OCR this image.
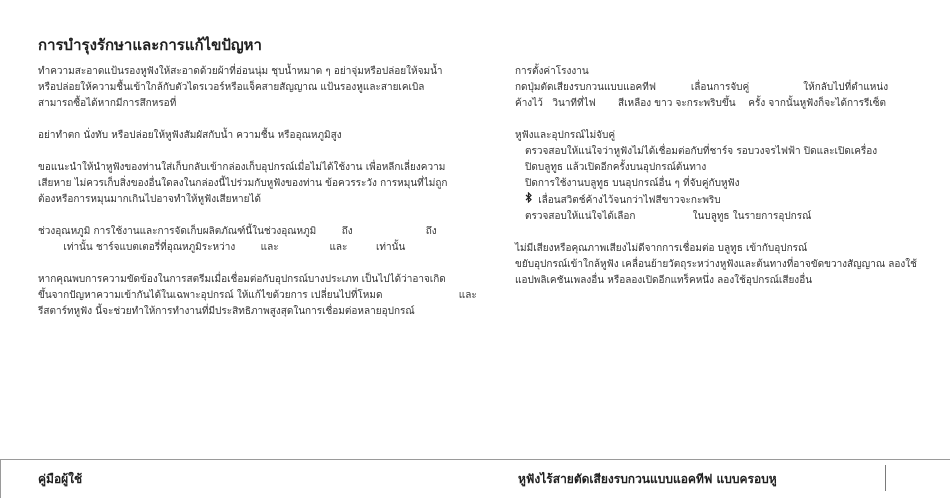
การบำรุงรักษาและการแก้ไขปัญหา

ทำความสะอาดแป้นรองหูฟังให้สะอาดด้วยผ้าที่อ่อนนุ่ม ชุบน้ำหมาด ๆ อย่าจุ่มหรือปล่อยให้จมน้ำ

หรือปล่อยให้ความชื้นเข้าใกล้กับตัวไดรเวอร์หรือแจ็คสายสัญญาณ แป้นรองหูและสายเคเบิล

สามารถซื้อได้หากมีการสึกหรอที่

อย่าทำตก นั่งทับ หรือปล่อยให้หูฟังสัมผัสกับน้ำ ความชื้น หรืออุณหภูมิสูง

ขอแนะนำให้นำหูฟังของท่านใส่เก็บกลับเข้ากล่องเก็บอุปกรณ์เมื่อไม่ได้ใช้งาน เพื่อหลีกเลี่ยงความ

เสียหาย ไม่ควรเก็บสิ่งของอื่นใดลงในกล่องนี้ไปร่วมกับหูฟังของท่าน ข้อควรระวัง การหมุนที่ไม่ถูก

ต้องหรือการหมุนมากเกินไปอาจทำให้หูฟังเสียหายได้

ช่วงอุณหภูมิ การใช้งานและการจัดเก็บผลิตภัณฑ์นี้ในช่วงอุณหภูมิ        ถึง                       ถึง

เท่านั้น ชาร์จแบตเตอรี่ที่อุณหภูมิระหว่าง        และ                และ         เท่านั้น

หากคุณพบการความขัดข้องในการสตรีมเมื่อเชื่อมต่อกับอุปกรณ์บางประเภท เป็นไปได้ว่าอาจเกิด

ขึ้นจากปัญหาความเข้ากันได้ในเฉพาะอุปกรณ์ ให้แก้ไขด้วยการ เปลี่ยนไปที่โหมด                        และ

รีสตาร์ทหูฟัง นี้จะช่วยทำให้การทำงานที่มีประสิทธิภาพสูงสุดในการเชื่อมต่อหลายอุปกรณ์

การตั้งค่าโรงงาน

กดปุ่มตัดเสียงรบกวนแบบแอคทีฟ           เลื่อนการจับคู่                 ให้กลับไปที่ตำแหน่ง

ค้างไว้   วินาทีที่ไฟ       สีเหลือง ขาว จะกระพริบขึ้น    ครั้ง จากนั้นหูฟังก็จะได้การรีเซ็ต

หูฟังและอุปกรณ์ไม่จับคู่

ตรวจสอบให้แน่ใจว่าหูฟังไม่ได้เชื่อมต่อกับที่ชาร์จ รอบวงจรไฟฟ้า ปิดและเปิดเครื่อง

ปิดบลูทูธ แล้วเปิดอีกครั้งบนอุปกรณ์ต้นทาง

ปิดการใช้งานบลูทูธ บนอุปกรณ์อื่น ๆ ที่จับคู่กับหูฟัง

เลื่อนสวิตช์ค้างไว้จนกว่าไฟสีขาวจะกะพริบ

ตรวจสอบให้แน่ใจได้เลือก                  ในบลูทูธ ในรายการอุปกรณ์

ไม่มีเสียงหรือคุณภาพเสียงไม่ดีจากการเชื่อมต่อ บลูทูธ เข้ากับอุปกรณ์

ขยับอุปกรณ์เข้าใกล้หูฟัง เคลื่อนย้ายวัตถุระหว่างหูฟังและต้นทางที่อาจขัดขวางสัญญาณ ลองใช้

แอปพลิเคชันเพลงอื่น หรือลองเปิดอีกแทร็คหนึ่ง ลองใช้อุปกรณ์เสียงอื่น

คู่มือผู้ใช้	หูฟังไร้สายตัดเสียงรบกวนแบบแอคทีฟ แบบครอบหู
